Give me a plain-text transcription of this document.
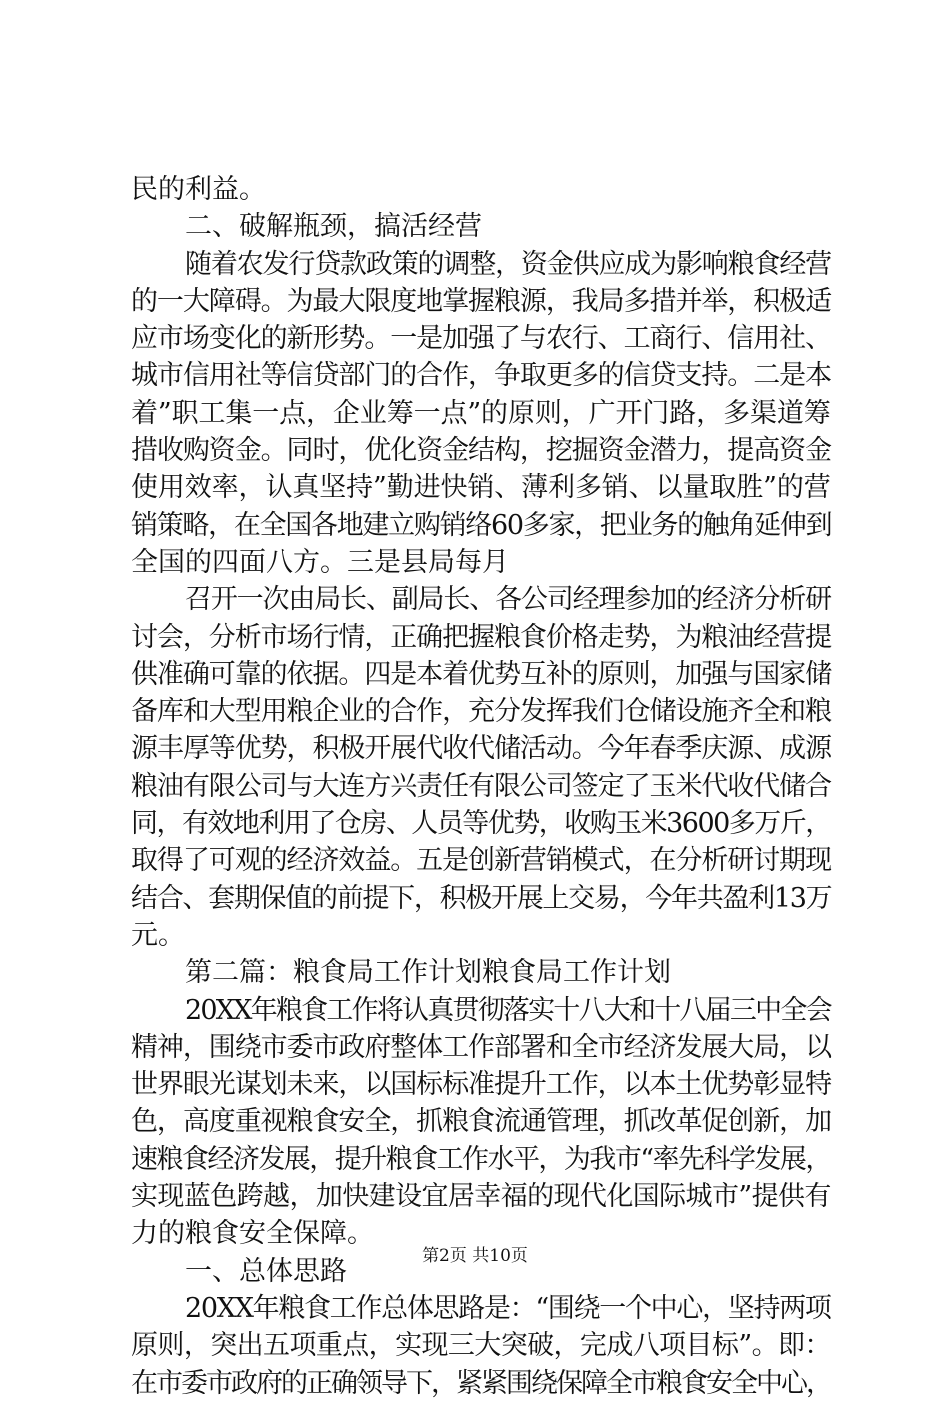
民的利益。

二、破解瓶颈，搞活经营

随着农发行贷款政策的调整，资金供应成为影响粮食经营

的一大障碍。为最大限度地掌握粮源，我局多措并举，积极适

应市场变化的新形势。一是加强了与农行、工商行、信用社、

城市信用社等信贷部门的合作，争取更多的信贷支持。二是本

着”职工集一点，企业筹一点”的原则，广开门路，多渠道筹

措收购资金。同时，优化资金结构，挖掘资金潜力，提高资金

使用效率，认真坚持”勤进快销、薄利多销、以量取胜”的营

销策略，在全国各地建立购销络60多家，把业务的触角延伸到

全国的四面八方。三是县局每月

召开一次由局长、副局长、各公司经理参加的经济分析研

讨会，分析市场行情，正确把握粮食价格走势，为粮油经营提

供准确可靠的依据。四是本着优势互补的原则，加强与国家储

备库和大型用粮企业的合作，充分发挥我们仓储设施齐全和粮

源丰厚等优势，积极开展代收代储活动。今年春季庆源、成源

粮油有限公司与大连方兴责任有限公司签定了玉米代收代储合

同，有效地利用了仓房、人员等优势，收购玉米3600多万斤，

取得了可观的经济效益。五是创新营销模式，在分析研讨期现

结合、套期保值的前提下，积极开展上交易，今年共盈利13万

元。

第二篇：粮食局工作计划粮食局工作计划

20XX年粮食工作将认真贯彻落实十八大和十八届三中全会

精神，围绕市委市政府整体工作部署和全市经济发展大局，以

世界眼光谋划未来，以国标标准提升工作，以本土优势彰显特

色，高度重视粮食安全，抓粮食流通管理，抓改革促创新，加

速粮食经济发展，提升粮食工作水平，为我市“率先科学发展，

实现蓝色跨越，加快建设宜居幸福的现代化国际城市”提供有

力的粮食安全保障。

一、总体思路

20XX年粮食工作总体思路是：“围绕一个中心，坚持两项

原则，突出五项重点，实现三大突破，完成八项目标”。即：

在市委市政府的正确领导下，紧紧围绕保障全市粮食安全中心，

第2页 共10页
